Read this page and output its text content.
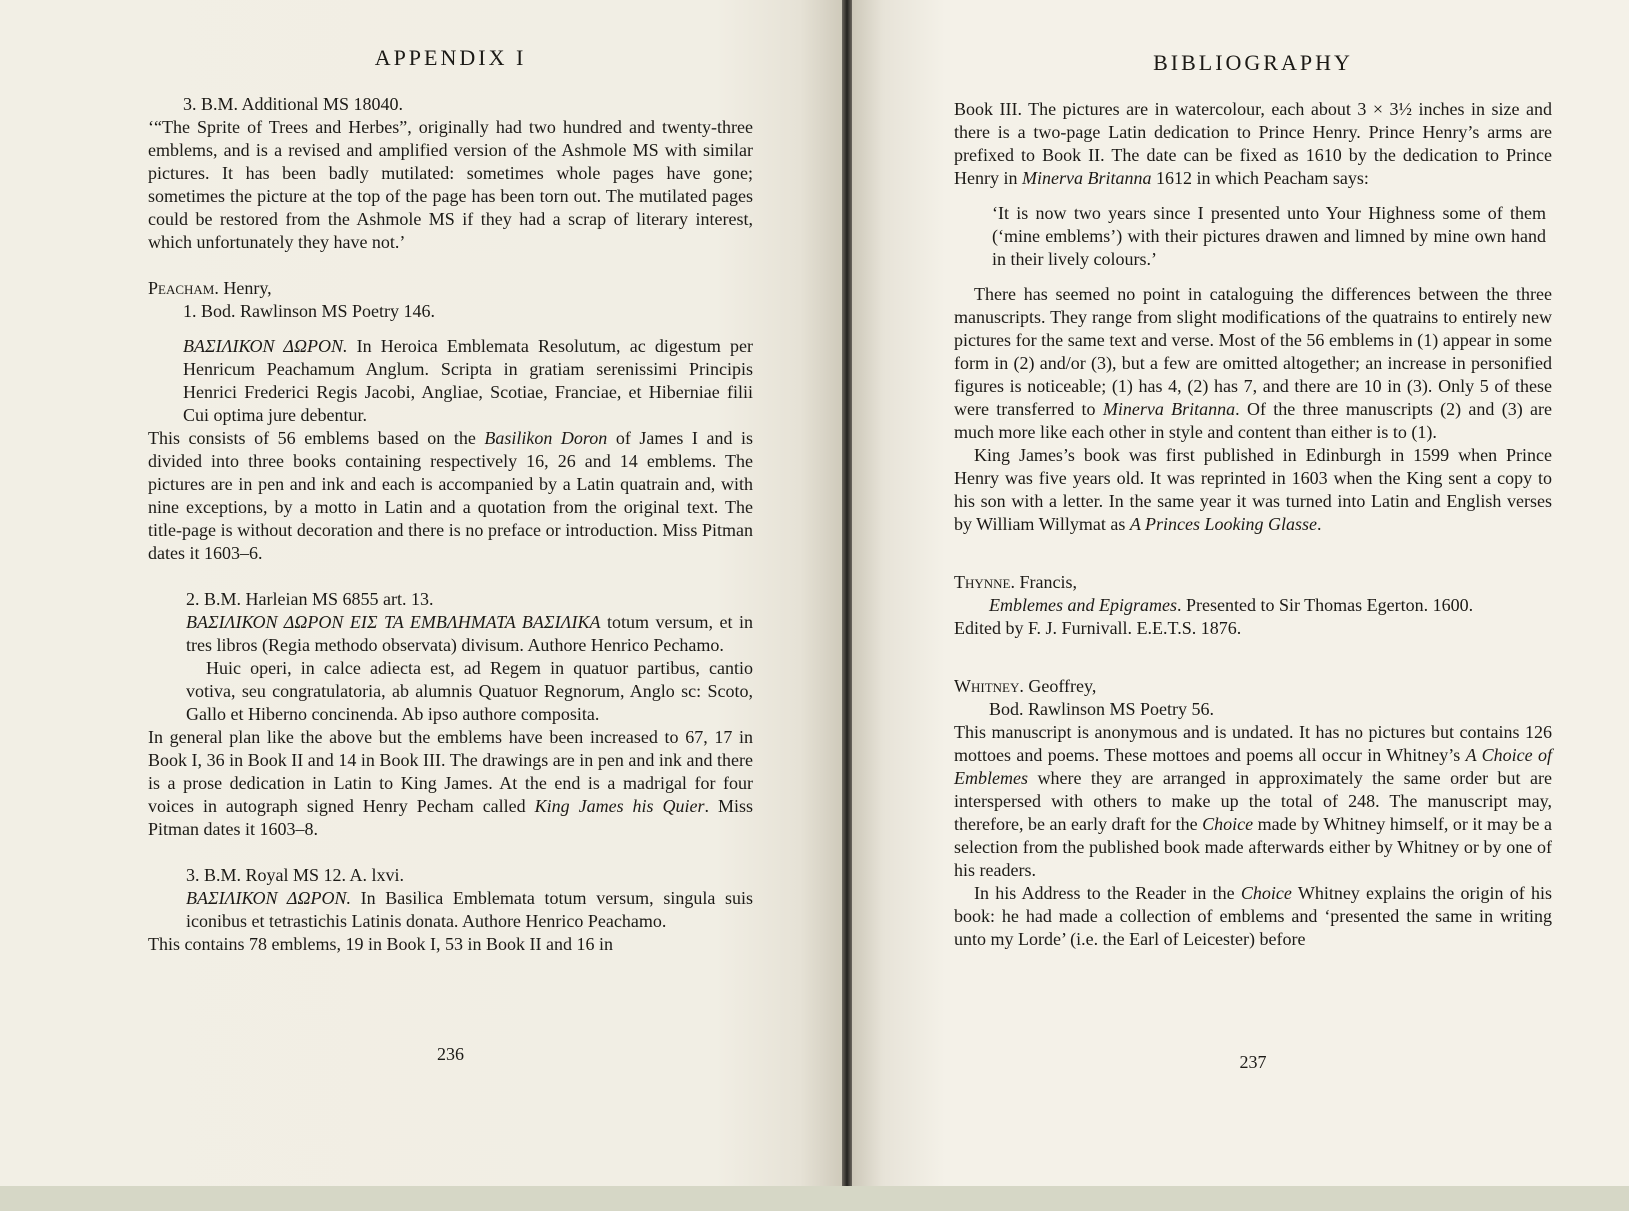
APPENDIX I

3. B.M. Additional MS 18040.

‘“The Sprite of Trees and Herbes”, originally had two hundred and twenty-three emblems, and is a revised and amplified version of the Ashmole MS with similar pictures. It has been badly mutilated: sometimes whole pages have gone; sometimes the picture at the top of the page has been torn out. The mutilated pages could be restored from the Ashmole MS if they had a scrap of literary interest, which unfortunately they have not.’

Peacham. Henry,

1. Bod. Rawlinson MS Poetry 146.

ΒΑΣΙΛΙΚΟΝ ΔΩΡΟΝ. In Heroica Emblemata Resolutum, ac digestum per Henricum Peachamum Anglum. Scripta in gratiam serenissimi Principis Henrici Frederici Regis Jacobi, Angliae, Scotiae, Franciae, et Hiberniae filii Cui optima jure debentur.

This consists of 56 emblems based on the Basilikon Doron of James I and is divided into three books containing respectively 16, 26 and 14 emblems. The pictures are in pen and ink and each is accompanied by a Latin quatrain and, with nine exceptions, by a motto in Latin and a quotation from the original text. The title-page is without decoration and there is no preface or introduction. Miss Pitman dates it 1603–6.

2. B.M. Harleian MS 6855 art. 13.

ΒΑΣΙΛΙΚΟΝ ΔΩΡΟΝ ΕΙΣ ΤΑ ΕΜΒΛΗΜΑΤΑ ΒΑΣΙΛΙΚΑ totum versum, et in tres libros (Regia methodo observata) divisum. Authore Henrico Pechamo.

Huic operi, in calce adiecta est, ad Regem in quatuor partibus, cantio votiva, seu congratulatoria, ab alumnis Quatuor Regnorum, Anglo sc: Scoto, Gallo et Hiberno concinenda. Ab ipso authore composita.

In general plan like the above but the emblems have been increased to 67, 17 in Book I, 36 in Book II and 14 in Book III. The drawings are in pen and ink and there is a prose dedication in Latin to King James. At the end is a madrigal for four voices in autograph signed Henry Pecham called King James his Quier. Miss Pitman dates it 1603–8.

3. B.M. Royal MS 12. A. lxvi.

ΒΑΣΙΛΙΚΟΝ ΔΩΡΟΝ. In Basilica Emblemata totum versum, singula suis iconibus et tetrastichis Latinis donata. Authore Henrico Peachamo.

This contains 78 emblems, 19 in Book I, 53 in Book II and 16 in

236
BIBLIOGRAPHY

Book III. The pictures are in watercolour, each about 3 × 3½ inches in size and there is a two-page Latin dedication to Prince Henry. Prince Henry’s arms are prefixed to Book II. The date can be fixed as 1610 by the dedication to Prince Henry in Minerva Britanna 1612 in which Peacham says:

‘It is now two years since I presented unto Your Highness some of them (‘mine emblems’) with their pictures drawen and limned by mine own hand in their lively colours.’

There has seemed no point in cataloguing the differences between the three manuscripts. They range from slight modifications of the quatrains to entirely new pictures for the same text and verse. Most of the 56 emblems in (1) appear in some form in (2) and/or (3), but a few are omitted altogether; an increase in personified figures is noticeable; (1) has 4, (2) has 7, and there are 10 in (3). Only 5 of these were transferred to Minerva Britanna. Of the three manuscripts (2) and (3) are much more like each other in style and content than either is to (1).

King James’s book was first published in Edinburgh in 1599 when Prince Henry was five years old. It was reprinted in 1603 when the King sent a copy to his son with a letter. In the same year it was turned into Latin and English verses by William Willymat as A Princes Looking Glasse.

Thynne. Francis,

Emblemes and Epigrames. Presented to Sir Thomas Egerton. 1600.

Edited by F. J. Furnivall. E.E.T.S. 1876.

Whitney. Geoffrey,

Bod. Rawlinson MS Poetry 56.

This manuscript is anonymous and is undated. It has no pictures but contains 126 mottoes and poems. These mottoes and poems all occur in Whitney’s A Choice of Emblemes where they are arranged in approximately the same order but are interspersed with others to make up the total of 248. The manuscript may, therefore, be an early draft for the Choice made by Whitney himself, or it may be a selection from the published book made afterwards either by Whitney or by one of his readers.

In his Address to the Reader in the Choice Whitney explains the origin of his book: he had made a collection of emblems and ‘presented the same in writing unto my Lorde’ (i.e. the Earl of Leicester) before

237
